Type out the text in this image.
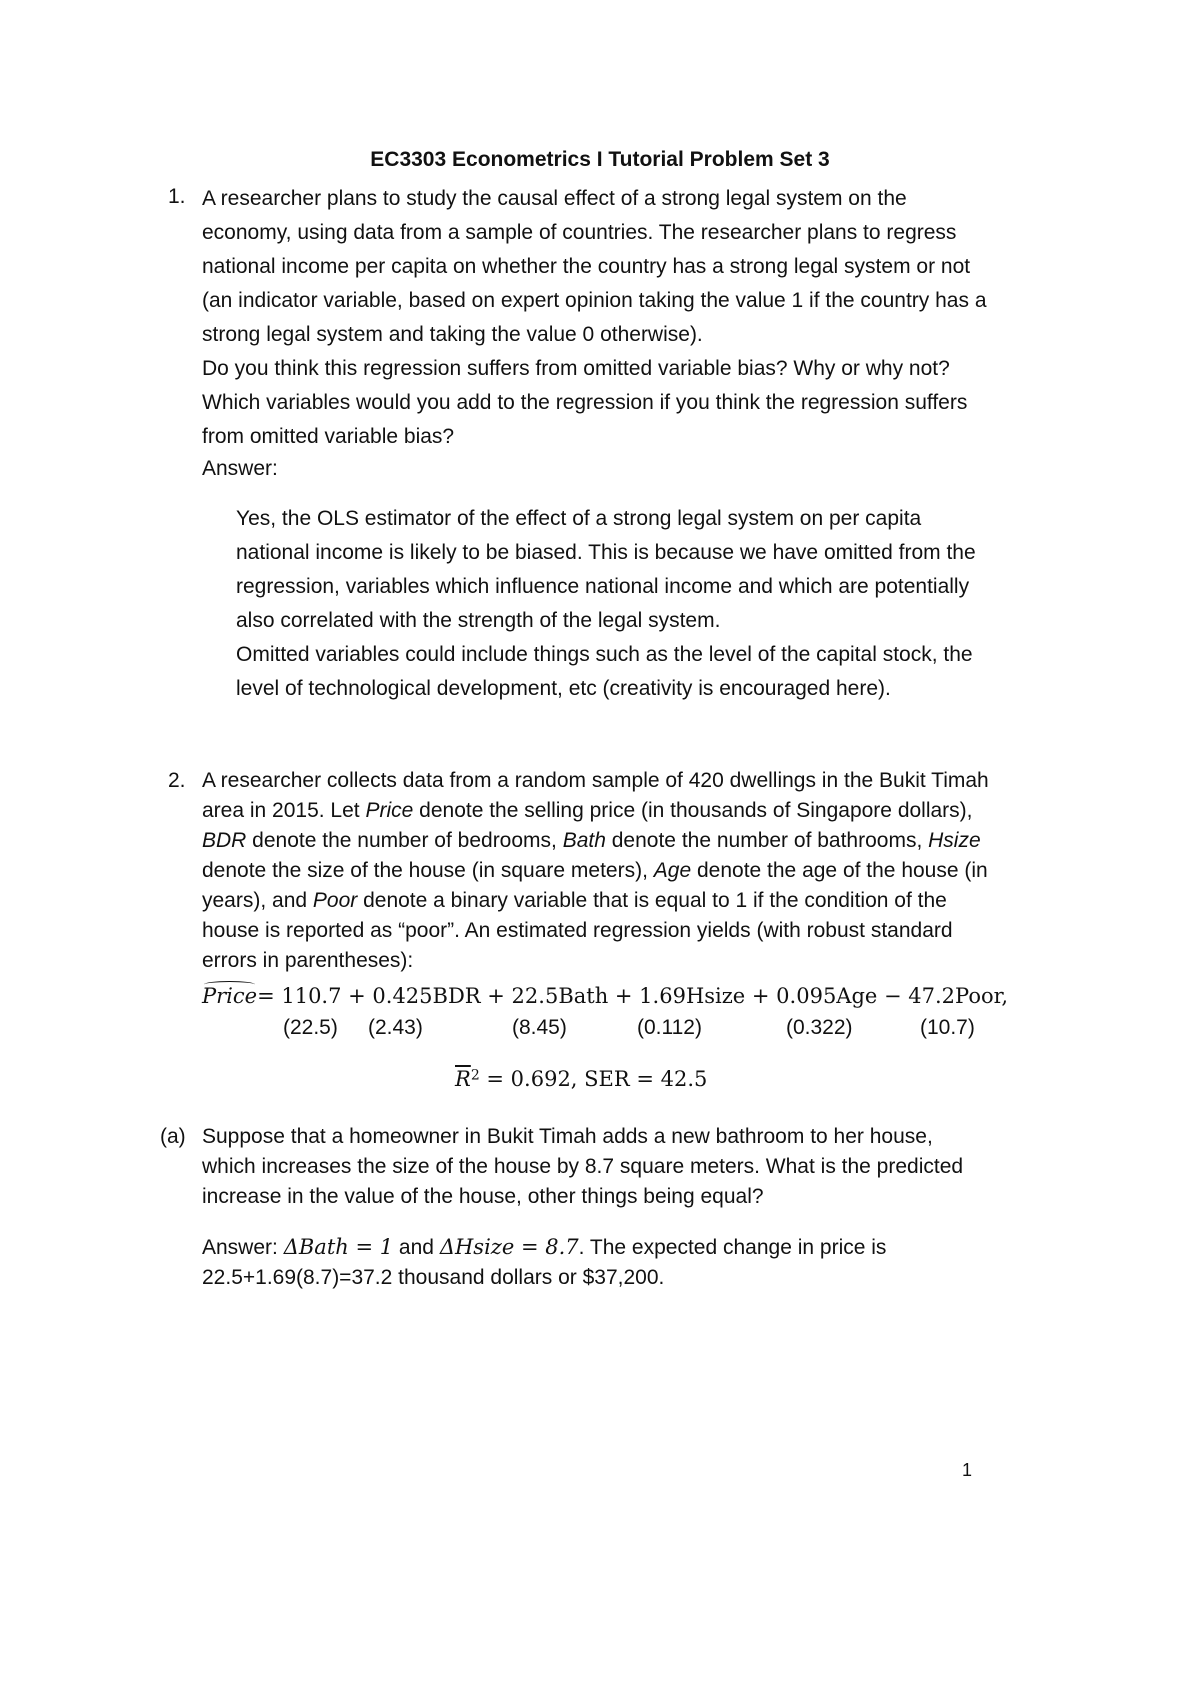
EC3303 Econometrics I Tutorial Problem Set 3
1. A researcher plans to study the causal effect of a strong legal system on the
economy, using data from a sample of countries. The researcher plans to regress
national income per capita on whether the country has a strong legal system or not
(an indicator variable, based on expert opinion taking the value 1 if the country has a
strong legal system and taking the value 0 otherwise).
Do you think this regression suffers from omitted variable bias? Why or why not?
Which variables would you add to the regression if you think the regression suffers
from omitted variable bias?
Answer:
Yes, the OLS estimator of the effect of a strong legal system on per capita
national income is likely to be biased. This is because we have omitted from the
regression, variables which influence national income and which are potentially
also correlated with the strength of the legal system.
Omitted variables could include things such as the level of the capital stock, the
level of technological development, etc (creativity is encouraged here).
2. A researcher collects data from a random sample of 420 dwellings in the Bukit Timah
area in 2015. Let Price denote the selling price (in thousands of Singapore dollars),
BDR denote the number of bedrooms, Bath denote the number of bathrooms, Hsize
denote the size of the house (in square meters), Age denote the age of the house (in
years), and Poor denote a binary variable that is equal to 1 if the condition of the
house is reported as “poor”. An estimated regression yields (with robust standard
errors in parentheses):
Price= 110.7 + 0.425BDR + 22.5Bath + 1.69Hsize + 0.095Age − 47.2Poor,
(22.5) (2.43)	(8.45)	(0.112)	(0.322)	(10.7)
$\overline{R}^2 = 0.692$, SER = 42.5
(a) Suppose that a homeowner in Bukit Timah adds a new bathroom to her house,
which increases the size of the house by 8.7 square meters. What is the predicted
increase in the value of the house, other things being equal?
Answer: ΔBath = 1 and ΔHsize = 8.7. The expected change in price is
22.5+1.69(8.7)=37.2 thousand dollars or $37,200.
1
